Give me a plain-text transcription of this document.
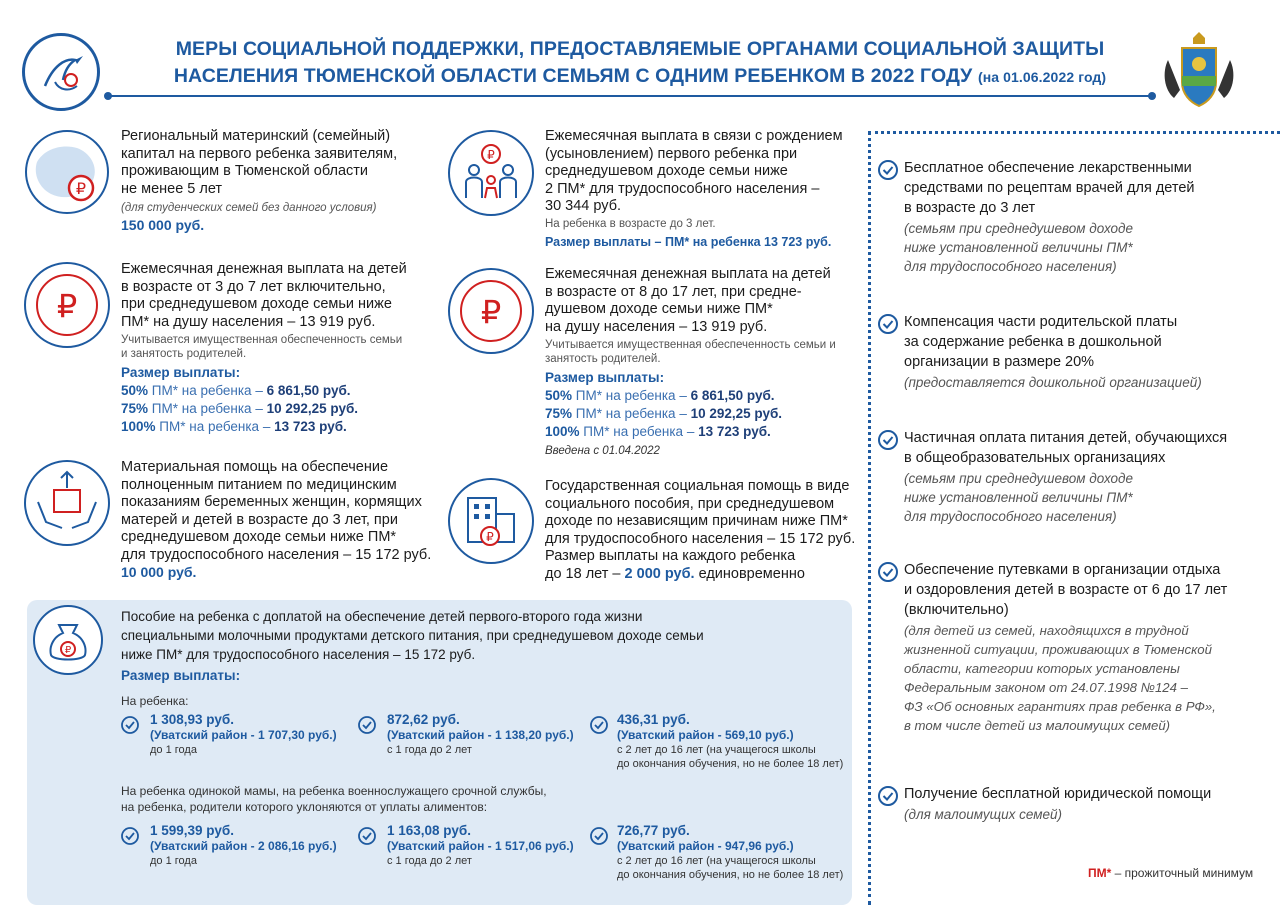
МЕРЫ СОЦИАЛЬНОЙ ПОДДЕРЖКИ, ПРЕДОСТАВЛЯЕМЫЕ ОРГАНАМИ СОЦИАЛЬНОЙ ЗАЩИТЫ
НАСЕЛЕНИЯ ТЮМЕНСКОЙ ОБЛАСТИ СЕМЬЯМ С ОДНИМ РЕБЕНКОМ В 2022 ГОДУ (на 01.06.2022 год)
₽
Региональный материнский (семейный)
капитал на первого ребенка заявителям,
проживающим в Тюменской области
не менее 5 лет
(для студенческих семей без данного условия)
150 000 руб.
₽
Ежемесячная денежная выплата на детей
в возрасте от 3 до 7 лет включительно,
при среднедушевом доходе семьи ниже
ПМ* на душу населения – 13 919 руб.
Учитывается имущественная обеспеченность семьи
и занятость родителей.
Размер выплаты:
50% ПМ* на ребенка – 6 861,50 руб.
75% ПМ* на ребенка – 10 292,25 руб.
100% ПМ* на ребенка – 13 723 руб.
Материальная помощь на обеспечение
полноценным питанием по медицинским
показаниям беременных женщин, кормящих
матерей и детей в возрасте до 3 лет, при
среднедушевом доходе семьи ниже ПМ*
для трудоспособного населения – 15 172 руб.
10 000 руб.
₽
Ежемесячная выплата в связи с рождением
(усыновлением) первого ребенка при
среднедушевом доходе семьи ниже
2 ПМ* для трудоспособного населения –
30 344 руб.
На ребенка в возрасте до 3 лет.
Размер выплаты – ПМ* на ребенка 13 723 руб.
₽
Ежемесячная денежная выплата на детей
в возрасте от 8 до 17 лет, при средне-
душевом доходе семьи ниже ПМ*
на душу населения – 13 919 руб.
Учитывается имущественная обеспеченность семьи и
занятость родителей.
Размер выплаты:
50% ПМ* на ребенка – 6 861,50 руб.
75% ПМ* на ребенка – 10 292,25 руб.
100% ПМ* на ребенка – 13 723 руб.
Введена с 01.04.2022
₽
Государственная социальная помощь в виде
социального пособия, при среднедушевом
доходе по независящим причинам ниже ПМ*
для трудоспособного населения – 15 172 руб.
Размер выплаты на каждого ребенка
до 18 лет – 2 000 руб. единовременно
₽
Пособие на ребенка с доплатой на обеспечение детей первого-второго года жизни
специальными молочными продуктами детского питания, при среднедушевом доходе семьи
ниже ПМ* для трудоспособного населения – 15 172 руб.
Размер выплаты:
На ребенка:
1 308,93 руб.
(Уватский район - 1 707,30 руб.)
до 1 года
872,62 руб.
(Уватский район - 1 138,20 руб.)
с 1 года до 2 лет
436,31 руб.
(Уватский район - 569,10 руб.)
с 2 лет до 16 лет (на учащегося школы
до окончания обучения, но не более 18 лет)
На ребенка одинокой мамы, на ребенка военнослужащего срочной службы,
на ребенка, родители которого уклоняются от уплаты алиментов:
1 599,39 руб.
(Уватский район - 2 086,16 руб.)
до 1 года
1 163,08 руб.
(Уватский район - 1 517,06 руб.)
с 1 года до 2 лет
726,77 руб.
(Уватский район - 947,96 руб.)
с 2 лет до 16 лет (на учащегося школы
до окончания обучения, но не более 18 лет)
Бесплатное обеспечение лекарственными
средствами по рецептам врачей для детей
в возрасте до 3 лет
(семьям при среднедушевом доходе
ниже установленной величины ПМ*
для трудоспособного населения)
Компенсация части родительской платы
за содержание ребенка в дошкольной
организации в размере 20%
(предоставляется дошкольной организацией)
Частичная оплата питания детей, обучающихся
в общеобразовательных организациях
(семьям при среднедушевом доходе
ниже установленной величины ПМ*
для трудоспособного населения)
Обеспечение путевками в организации отдыха
и оздоровления детей в возрасте от 6 до 17 лет
(включительно)
(для детей из семей, находящихся в трудной
жизненной ситуации, проживающих в Тюменской
области, категории которых установлены
Федеральным законом от 24.07.1998 №124 –
ФЗ «Об основных гарантиях прав ребенка в РФ»,
в том числе детей из малоимущих семей)
Получение бесплатной юридической помощи
(для малоимущих семей)
ПМ* – прожиточный минимум
